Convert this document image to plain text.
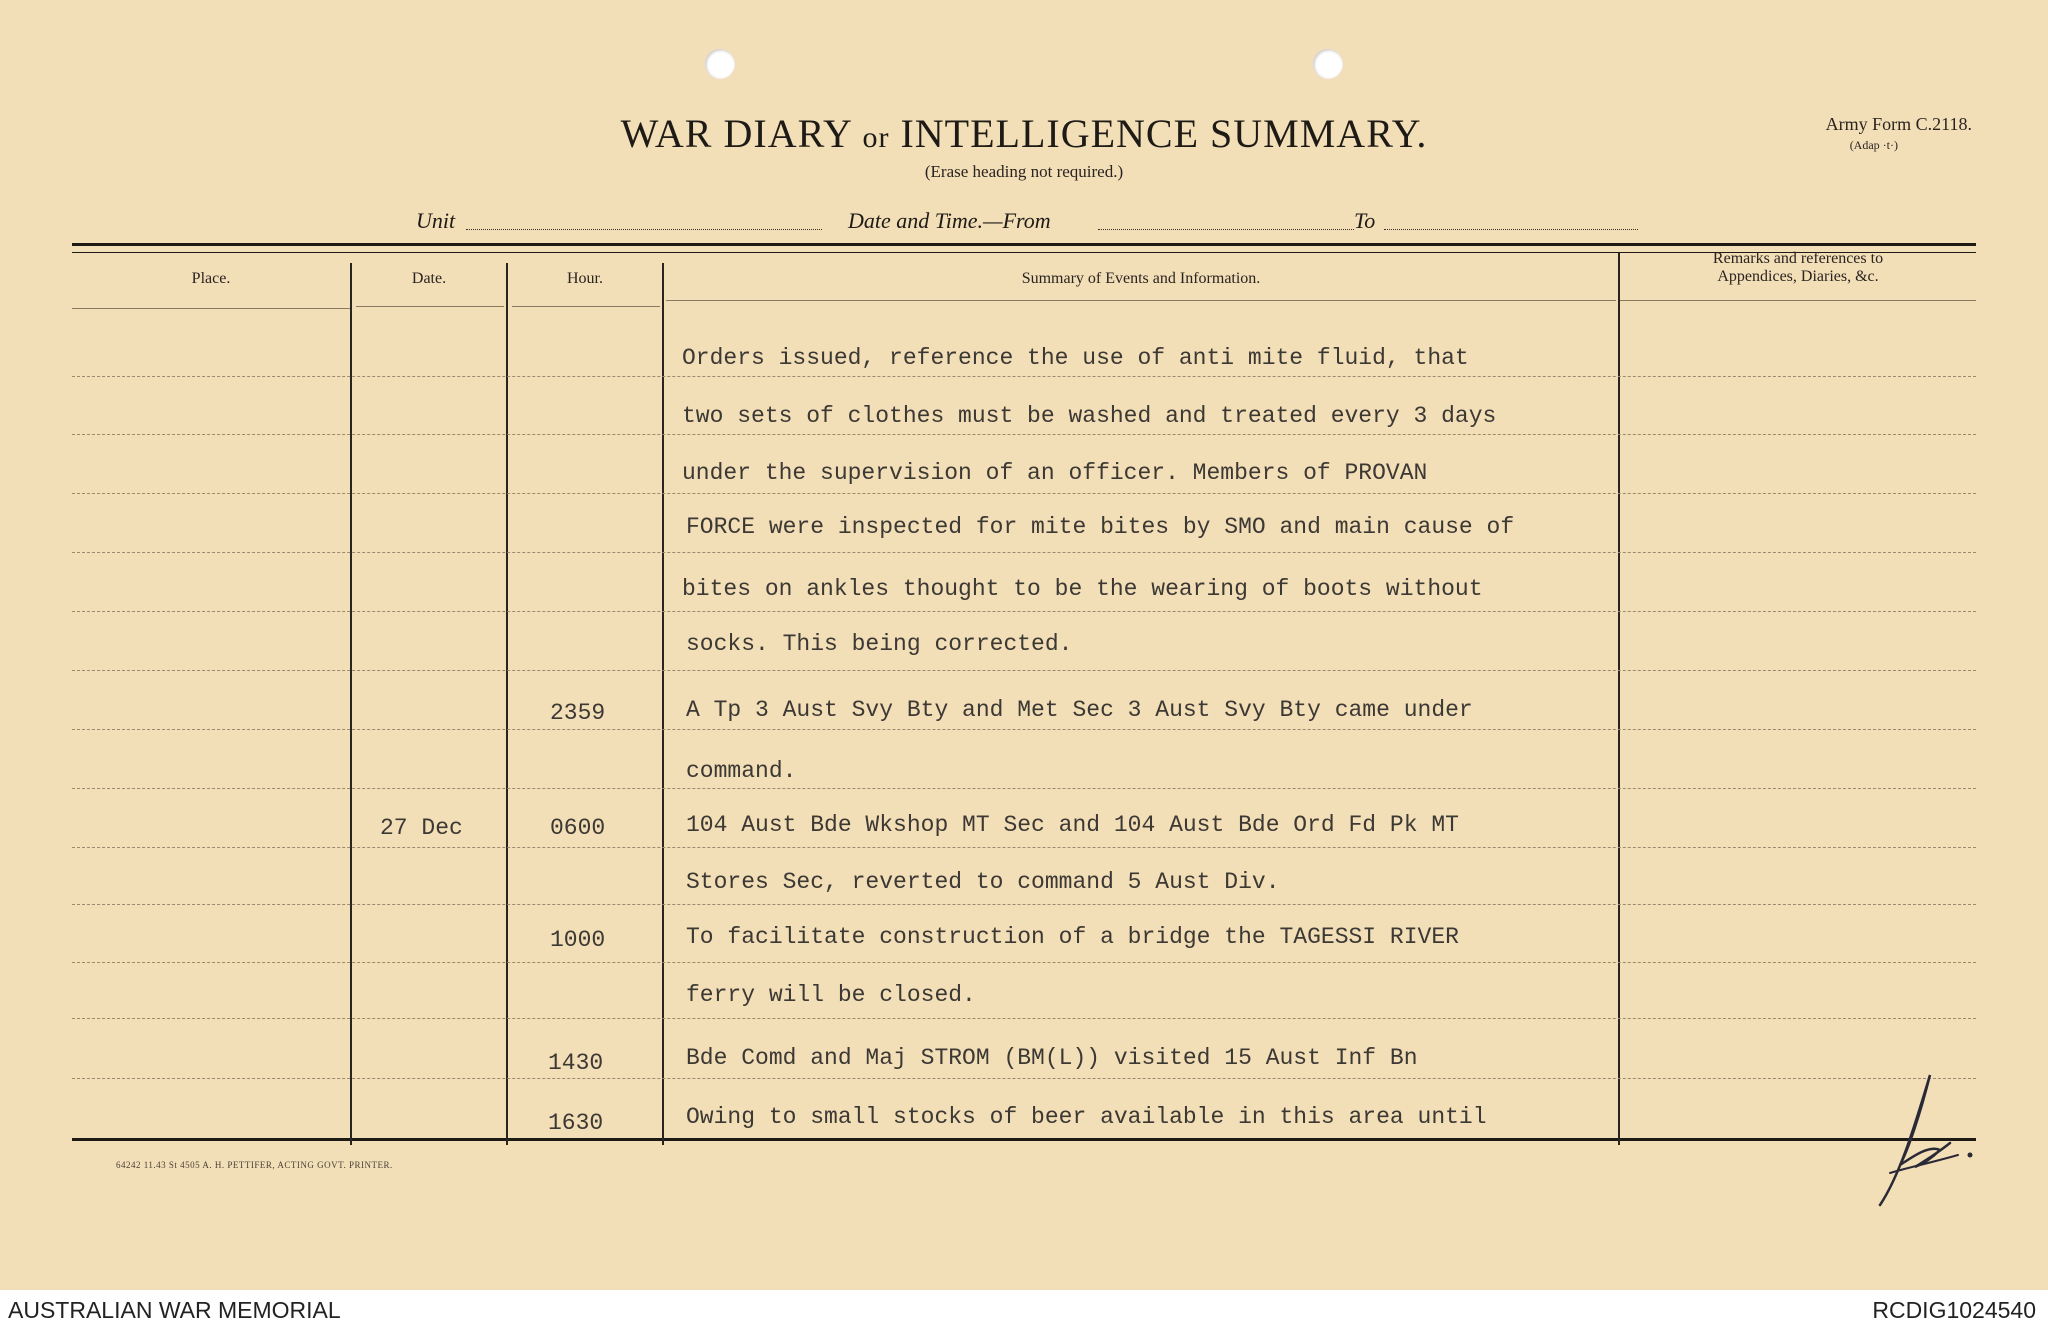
WAR DIARY or INTELLIGENCE SUMMARY.
(Erase heading not required.)
Army Form C.2118.
(Adap ·t·)
Unit	Date and Time.—From	To
Place.	Date.	Hour.	Summary of Events and Information.
Remarks and references to
Appendices, Diaries, &c.
Orders issued, reference the use of anti mite fluid, that
two sets of clothes must be washed and treated every 3 days
under the supervision of an officer. Members of PROVAN
FORCE were inspected for mite bites by SMO and main cause of
bites on ankles thought to be the wearing of boots without
socks. This being corrected.
2359	A Tp 3 Aust Svy Bty and Met Sec 3 Aust Svy Bty came under
command.
27 Dec	0600	104 Aust Bde Wkshop MT Sec and 104 Aust Bde Ord Fd Pk MT
Stores Sec, reverted to command 5 Aust Div.
1000	To facilitate construction of a bridge the TAGESSI RIVER
ferry will be closed.
1430	Bde Comd and Maj STROM (BM(L)) visited 15 Aust Inf Bn
1630	Owing to small stocks of beer available in this area until
64242 11.43 St 4505 A. H. PETTIFER, ACTING GOVT. PRINTER.
AUSTRALIAN WAR MEMORIAL	RCDIG1024540
